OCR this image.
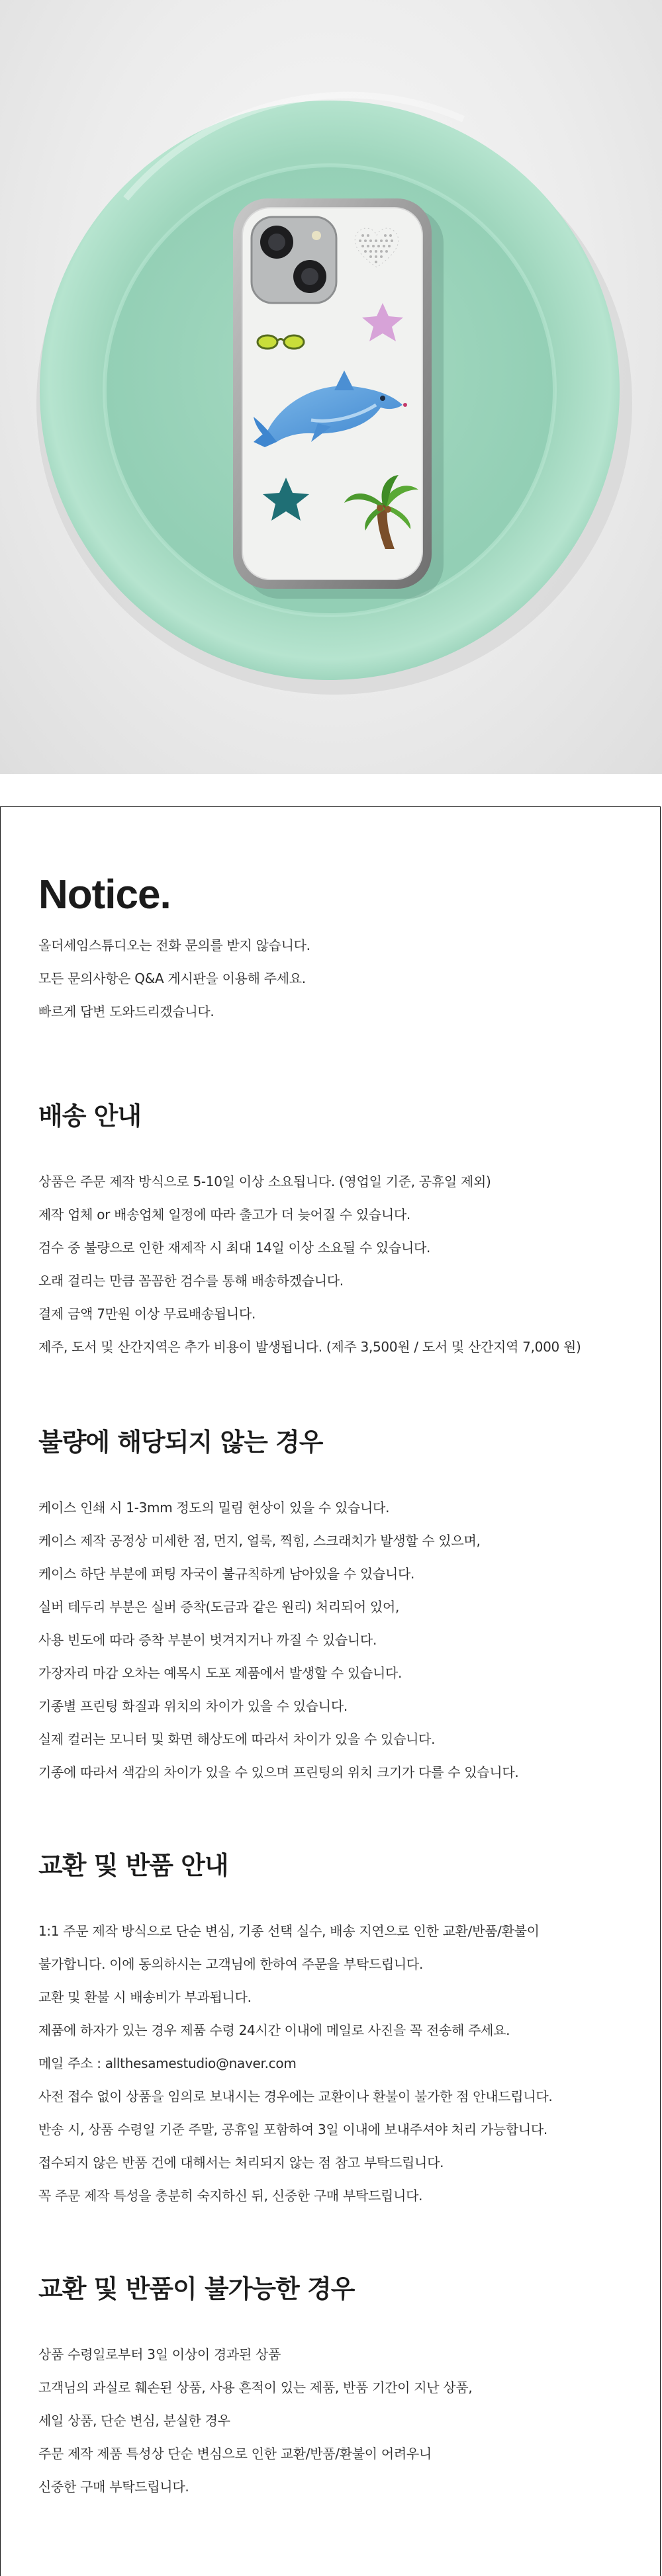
Notice.
올더세임스튜디오는 전화 문의를 받지 않습니다.
모든 문의사항은 Q&A 게시판을 이용해 주세요.
빠르게 답변 도와드리겠습니다.
배송 안내
상품은 주문 제작 방식으로 5-10일 이상 소요됩니다. (영업일 기준, 공휴일 제외)
제작 업체 or 배송업체 일정에 따라 출고가 더 늦어질 수 있습니다.
검수 중 불량으로 인한 재제작 시 최대 14일 이상 소요될 수 있습니다.
오래 걸리는 만큼 꼼꼼한 검수를 통해 배송하겠습니다.
결제 금액 7만원 이상 무료배송됩니다.
제주, 도서 및 산간지역은 추가 비용이 발생됩니다. (제주 3,500원 / 도서 및 산간지역 7,000 원)
불량에 해당되지 않는 경우
케이스 인쇄 시 1-3mm 정도의 밀림 현상이 있을 수 있습니다.
케이스 제작 공정상 미세한 점, 먼지, 얼룩, 찍힘, 스크래치가 발생할 수 있으며,
케이스 하단 부분에 퍼팅 자국이 불규칙하게 남아있을 수 있습니다.
실버 테두리 부분은 실버 증착(도금과 같은 원리) 처리되어 있어,
사용 빈도에 따라 증착 부분이 벗겨지거나 까질 수 있습니다.
가장자리 마감 오차는 예목시 도포 제품에서 발생할 수 있습니다.
기종별 프린팅 화질과 위치의 차이가 있을 수 있습니다.
실제 컬러는 모니터 및 화면 해상도에 따라서 차이가 있을 수 있습니다.
기종에 따라서 색감의 차이가 있을 수 있으며 프린팅의 위치 크기가 다를 수 있습니다.
교환 및 반품 안내
1:1 주문 제작 방식으로 단순 변심, 기종 선택 실수, 배송 지연으로 인한 교환/반품/환불이
불가합니다. 이에 동의하시는 고객님에 한하여 주문을 부탁드립니다.
교환 및 환불 시 배송비가 부과됩니다.
제품에 하자가 있는 경우 제품 수령 24시간 이내에 메일로 사진을 꼭 전송해 주세요.
메일 주소 : allthesamestudio@naver.com
사전 접수 없이 상품을 임의로 보내시는 경우에는 교환이나 환불이 불가한 점 안내드립니다.
반송 시, 상품 수령일 기준 주말, 공휴일 포함하여 3일 이내에 보내주셔야 처리 가능합니다.
접수되지 않은 반품 건에 대해서는 처리되지 않는 점 참고 부탁드립니다.
꼭 주문 제작 특성을 충분히 숙지하신 뒤, 신중한 구매 부탁드립니다.
교환 및 반품이 불가능한 경우
상품 수령일로부터 3일 이상이 경과된 상품
고객님의 과실로 훼손된 상품, 사용 흔적이 있는 제품, 반품 기간이 지난 상품,
세일 상품, 단순 변심, 분실한 경우
주문 제작 제품 특성상 단순 변심으로 인한 교환/반품/환불이 어려우니
신중한 구매 부탁드립니다.
